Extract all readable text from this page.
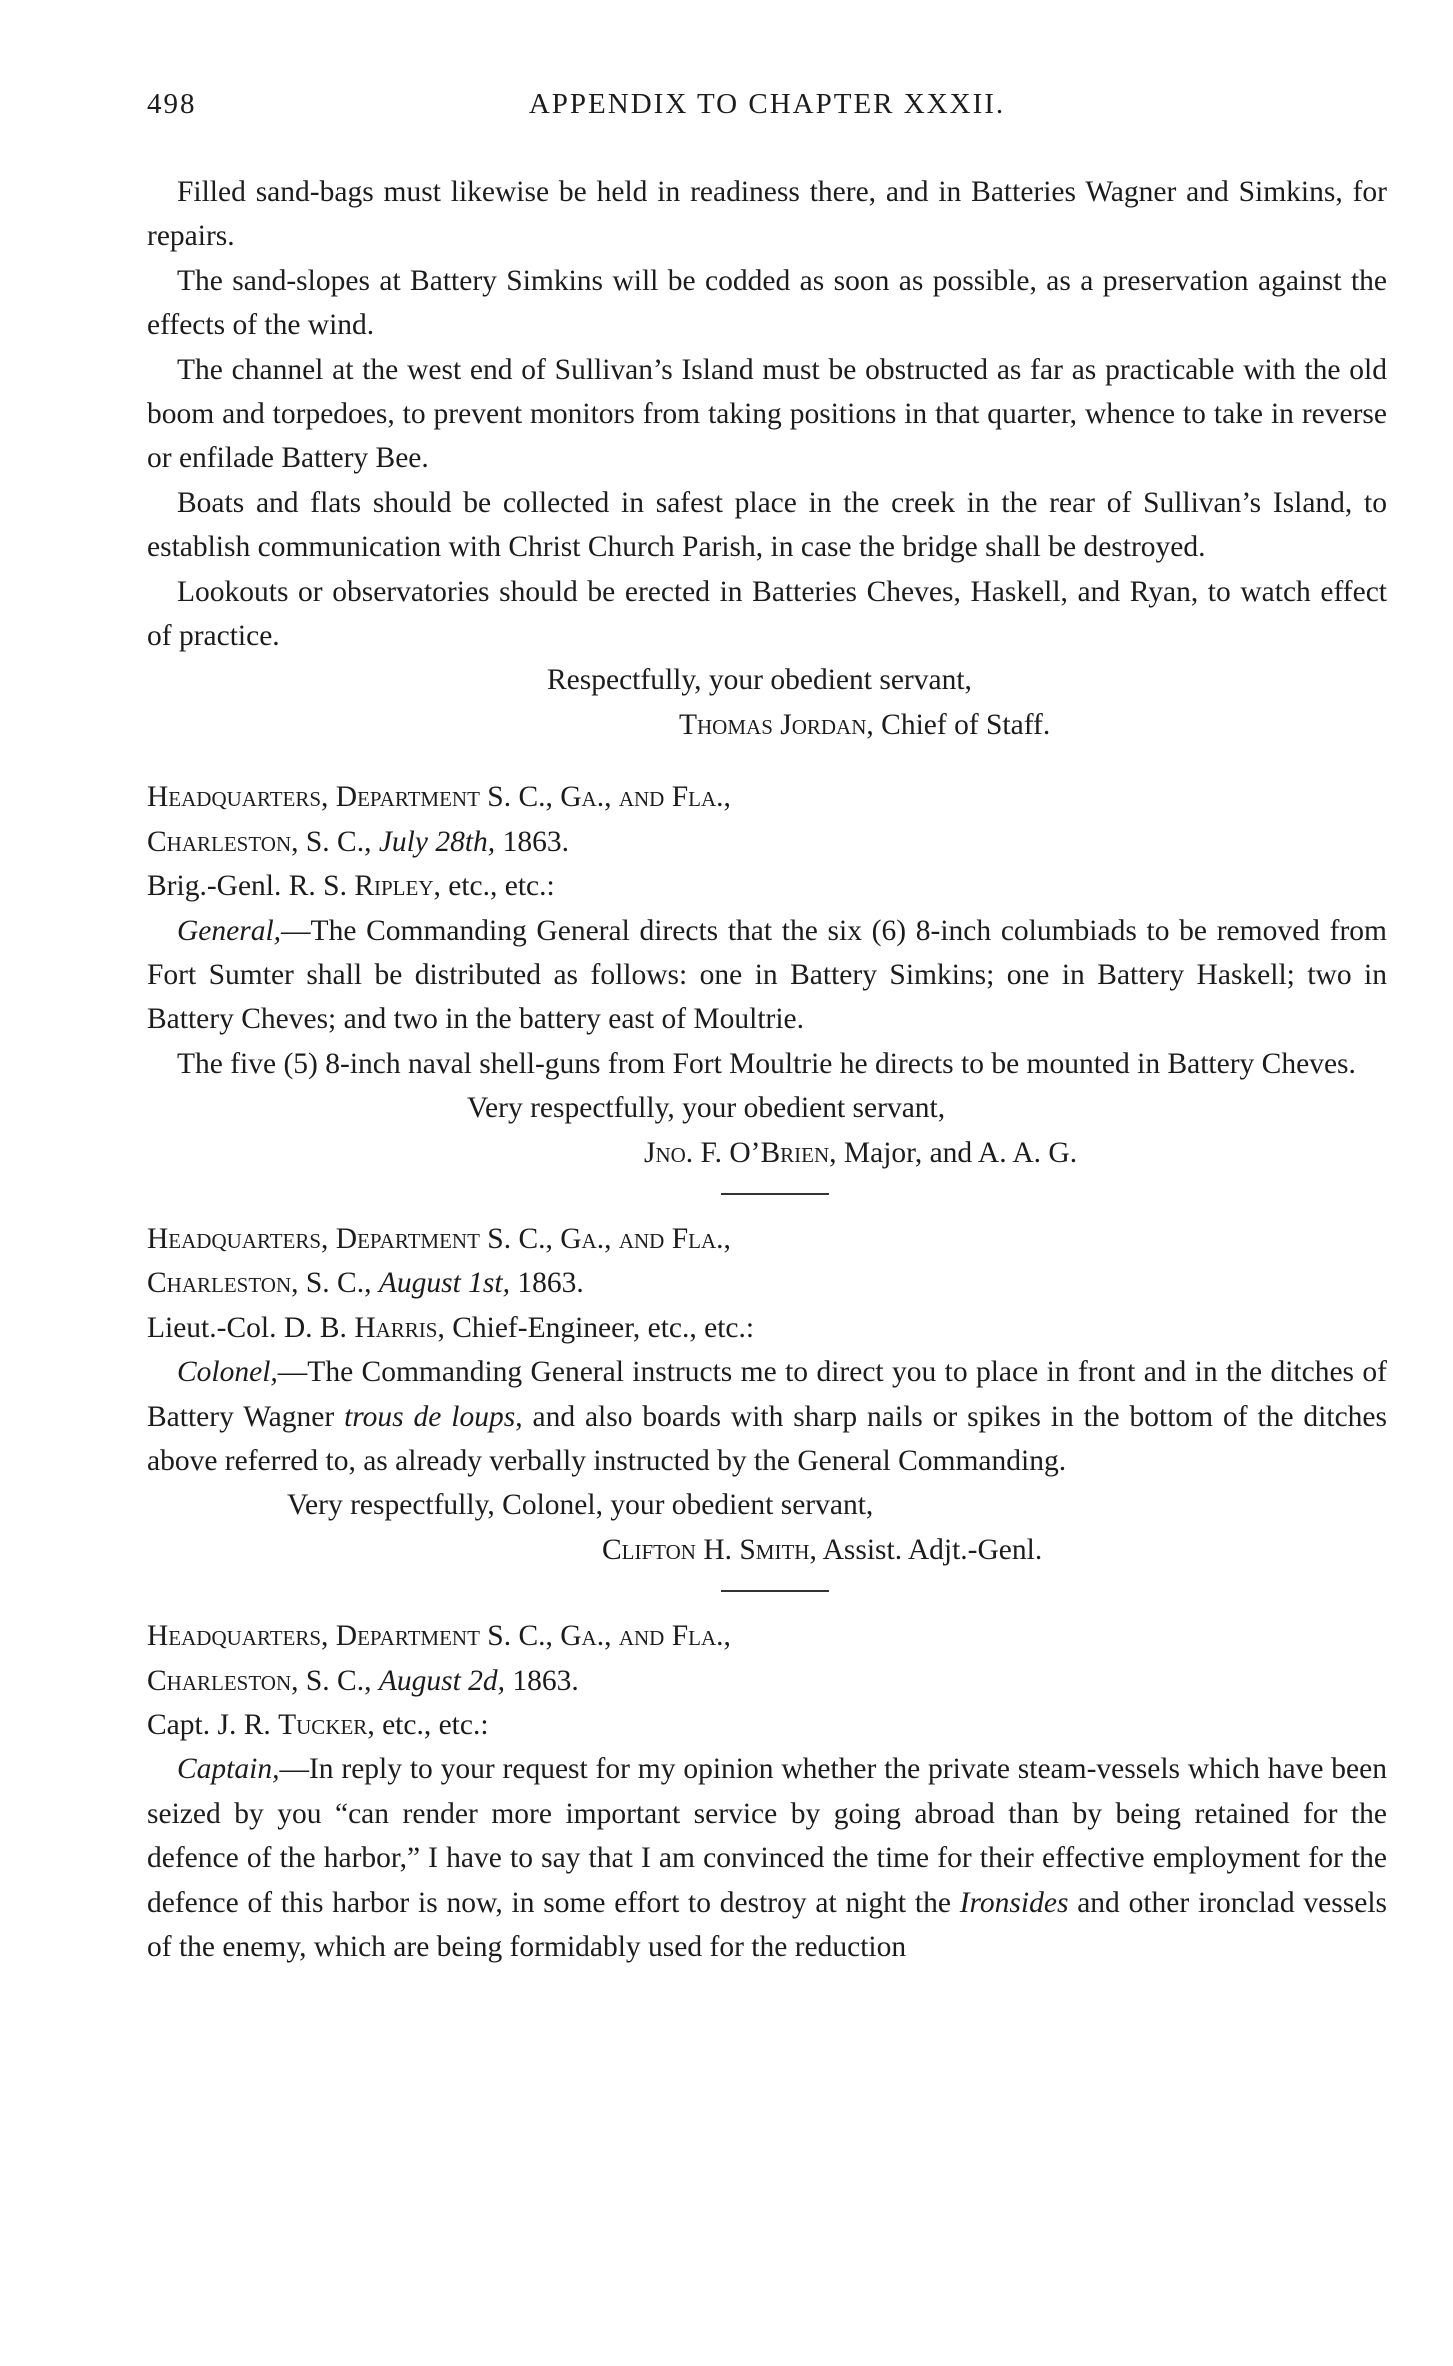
498	APPENDIX TO CHAPTER XXXII.

Filled sand-bags must likewise be held in readiness there, and in Batteries Wagner and Simkins, for repairs.

The sand-slopes at Battery Simkins will be codded as soon as possible, as a preservation against the effects of the wind.

The channel at the west end of Sullivan’s Island must be obstructed as far as practicable with the old boom and torpedoes, to prevent monitors from taking positions in that quarter, whence to take in reverse or enfilade Battery Bee.

Boats and flats should be collected in safest place in the creek in the rear of Sullivan’s Island, to establish communication with Christ Church Parish, in case the bridge shall be destroyed.

Lookouts or observatories should be erected in Batteries Cheves, Haskell, and Ryan, to watch effect of practice.

Respectfully, your obedient servant,

Thomas Jordan, Chief of Staff.

Headquarters, Department S. C., Ga., and Fla.,

Charleston, S. C., July 28th, 1863.

Brig.-Genl. R. S. Ripley, etc., etc.:

General,—The Commanding General directs that the six (6) 8-inch columbiads to be removed from Fort Sumter shall be distributed as follows: one in Battery Simkins; one in Battery Haskell; two in Battery Cheves; and two in the battery east of Moultrie.

The five (5) 8-inch naval shell-guns from Fort Moultrie he directs to be mounted in Battery Cheves.

Very respectfully, your obedient servant,

Jno. F. O’Brien, Major, and A. A. G.

Headquarters, Department S. C., Ga., and Fla.,

Charleston, S. C., August 1st, 1863.

Lieut.-Col. D. B. Harris, Chief-Engineer, etc., etc.:

Colonel,—The Commanding General instructs me to direct you to place in front and in the ditches of Battery Wagner trous de loups, and also boards with sharp nails or spikes in the bottom of the ditches above referred to, as already verbally instructed by the General Commanding.

Very respectfully, Colonel, your obedient servant,

Clifton H. Smith, Assist. Adjt.-Genl.

Headquarters, Department S. C., Ga., and Fla.,

Charleston, S. C., August 2d, 1863.

Capt. J. R. Tucker, etc., etc.:

Captain,—In reply to your request for my opinion whether the private steam-vessels which have been seized by you “can render more important service by going abroad than by being retained for the defence of the harbor,” I have to say that I am convinced the time for their effective employment for the defence of this harbor is now, in some effort to destroy at night the Ironsides and other ironclad vessels of the enemy, which are being formidably used for the reduction
